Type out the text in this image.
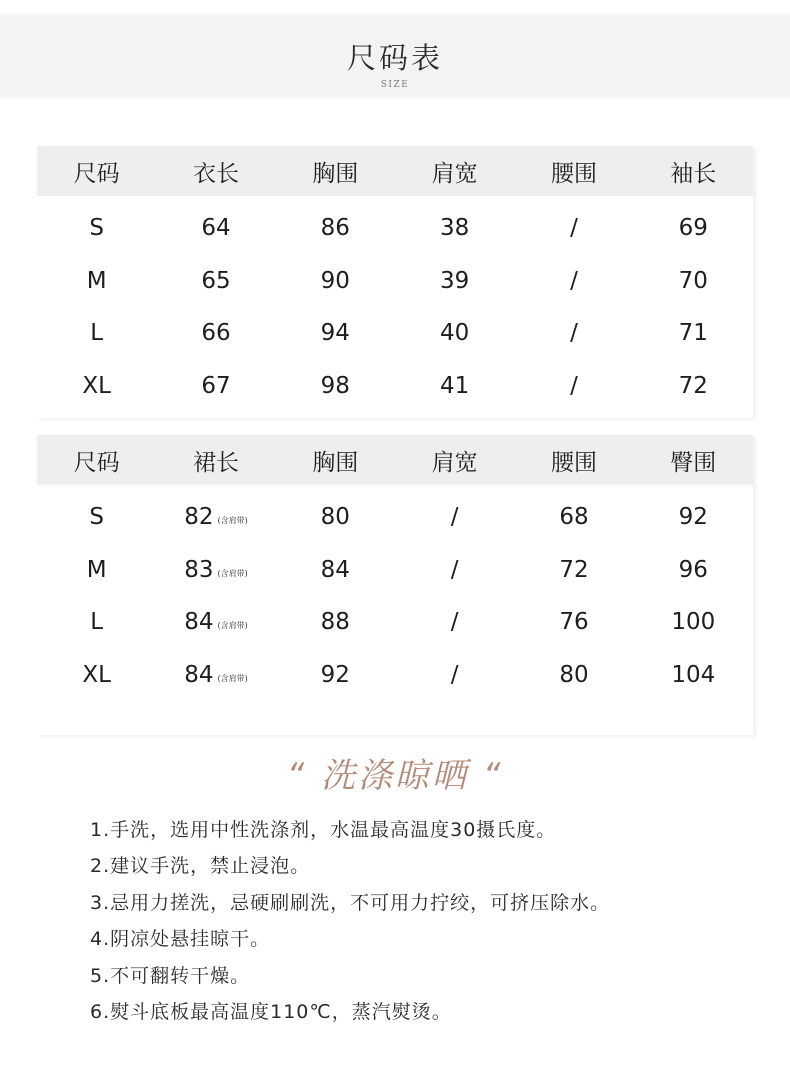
尺码表
SIZE
尺码	衣长	胸围	肩宽	腰围	袖长
S	64	86	38	/	69
M	65	90	39	/	70
L	66	94	40	/	71
XL	67	98	41	/	72
尺码	裙长	胸围	肩宽	腰围	臀围
S	82 (含肩带)	80	/	68	92
M	83 (含肩带)	84	/	72	96
L	84 (含肩带)	88	/	76	100
XL	84 (含肩带)	92	/	80	104
“ 洗涤晾晒 “
1.手洗，选用中性洗涤剂，水温最高温度30摄氏度。
2.建议手洗，禁止浸泡。
3.忌用力搓洗，忌硬刷刷洗，不可用力拧绞，可挤压除水。
4.阴凉处悬挂晾干。
5.不可翻转干燥。
6.熨斗底板最高温度110℃，蒸汽熨烫。
